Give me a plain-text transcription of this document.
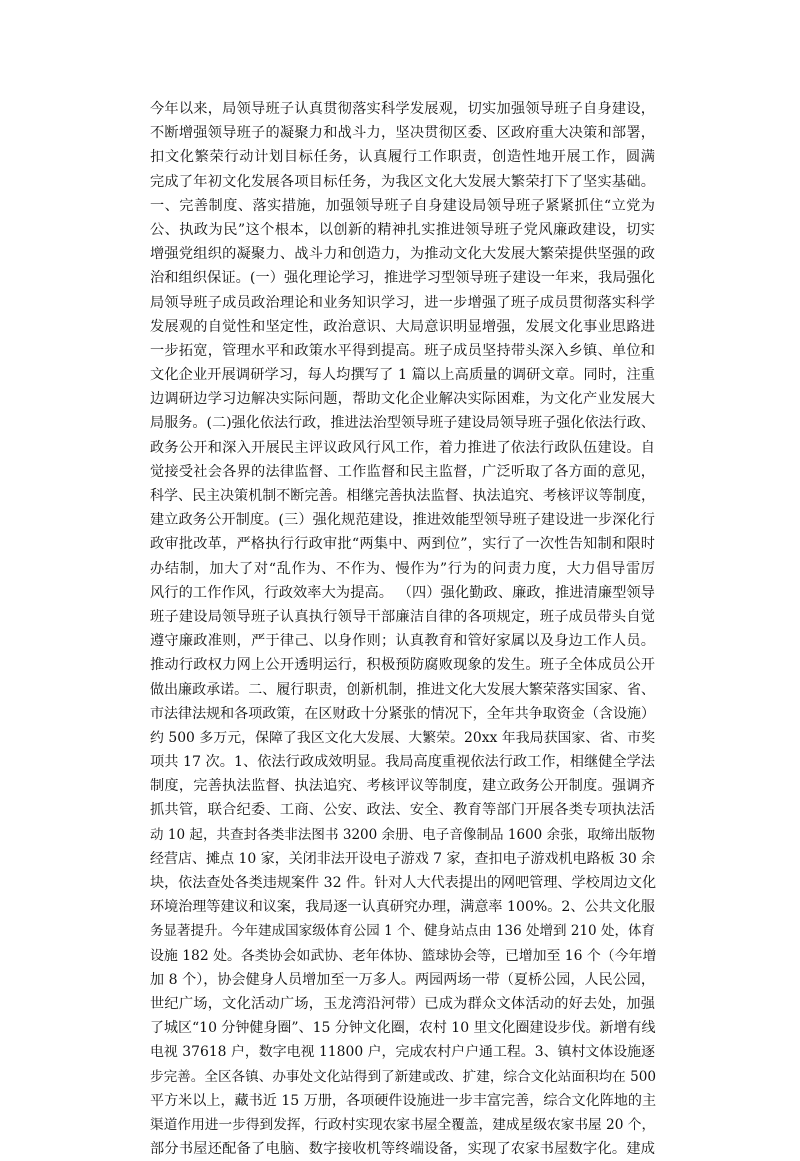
今年以来，局领导班子认真贯彻落实科学发展观，切实加强领导班子自身建设，
不断增强领导班子的凝聚力和战斗力，坚决贯彻区委、区政府重大决策和部署，
扣文化繁荣行动计划目标任务，认真履行工作职责，创造性地开展工作，圆满
完成了年初文化发展各项目标任务，为我区文化大发展大繁荣打下了坚实基础。
一、完善制度、落实措施，加强领导班子自身建设局领导班子紧紧抓住“立党为
公、执政为民”这个根本，以创新的精神扎实推进领导班子党风廉政建设，切实
增强党组织的凝聚力、战斗力和创造力，为推动文化大发展大繁荣提供坚强的政
治和组织保证。(一）强化理论学习，推进学习型领导班子建设一年来，我局强化
局领导班子成员政治理论和业务知识学习，进一步增强了班子成员贯彻落实科学
发展观的自觉性和坚定性，政治意识、大局意识明显增强，发展文化事业思路进
一步拓宽，管理水平和政策水平得到提高。班子成员坚持带头深入乡镇、单位和
文化企业开展调研学习，每人均撰写了 1 篇以上高质量的调研文章。同时，注重
边调研边学习边解决实际问题，帮助文化企业解决实际困难，为文化产业发展大
局服务。(二)强化依法行政，推进法治型领导班子建设局领导班子强化依法行政、
政务公开和深入开展民主评议政风行风工作，着力推进了依法行政队伍建设。自
觉接受社会各界的法律监督、工作监督和民主监督，广泛听取了各方面的意见，
科学、民主决策机制不断完善。相继完善执法监督、执法追究、考核评议等制度，
建立政务公开制度。(三）强化规范建设，推进效能型领导班子建设进一步深化行
政审批改革，严格执行行政审批“两集中、两到位”，实行了一次性告知制和限时
办结制，加大了对“乱作为、不作为、慢作为”行为的问责力度，大力倡导雷厉
风行的工作作风，行政效率大为提高。 （四）强化勤政、廉政，推进清廉型领导
班子建设局领导班子认真执行领导干部廉洁自律的各项规定，班子成员带头自觉
遵守廉政准则，严于律己、以身作则；认真教育和管好家属以及身边工作人员。
推动行政权力网上公开透明运行，积极预防腐败现象的发生。班子全体成员公开
做出廉政承诺。二、履行职责，创新机制，推进文化大发展大繁荣落实国家、省、
市法律法规和各项政策，在区财政十分紧张的情况下，全年共争取资金（含设施）
约 500 多万元，保障了我区文化大发展、大繁荣。20xx 年我局获国家、省、市奖
项共 17 次。1、依法行政成效明显。我局高度重视依法行政工作，相继健全学法
制度，完善执法监督、执法追究、考核评议等制度，建立政务公开制度。强调齐
抓共管，联合纪委、工商、公安、政法、安全、教育等部门开展各类专项执法活
动 10 起，共查封各类非法图书 3200 余册、电子音像制品 1600 余张，取缔出版物
经营店、摊点 10 家，关闭非法开设电子游戏 7 家，查扣电子游戏机电路板 30 余
块，依法查处各类违规案件 32 件。针对人大代表提出的网吧管理、学校周边文化
环境治理等建议和议案，我局逐一认真研究办理，满意率 100%。2、公共文化服
务显著提升。今年建成国家级体育公园 1 个、健身站点由 136 处增到 210 处，体育
设施 182 处。各类协会如武协、老年体协、篮球协会等，已增加至 16 个（今年增
加 8 个），协会健身人员增加至一万多人。两园两场一带（夏桥公园，人民公园，
世纪广场，文化活动广场，玉龙湾沿河带）已成为群众文体活动的好去处，加强
了城区“10 分钟健身圈”、15 分钟文化圈，农村 10 里文化圈建设步伐。新增有线
电视 37618 户，数字电视 11800 户，完成农村户户通工程。3、镇村文体设施逐
步完善。全区各镇、办事处文化站得到了新建或改、扩建，综合文化站面积均在 500
平方米以上，藏书近 15 万册，各项硬件设施进一步丰富完善，综合文化阵地的主
渠道作用进一步得到发挥，行政村实现农家书屋全覆盖，建成星级农家书屋 20 个，
部分书屋还配备了电脑、数字接收机等终端设备，实现了农家书屋数字化。建成
